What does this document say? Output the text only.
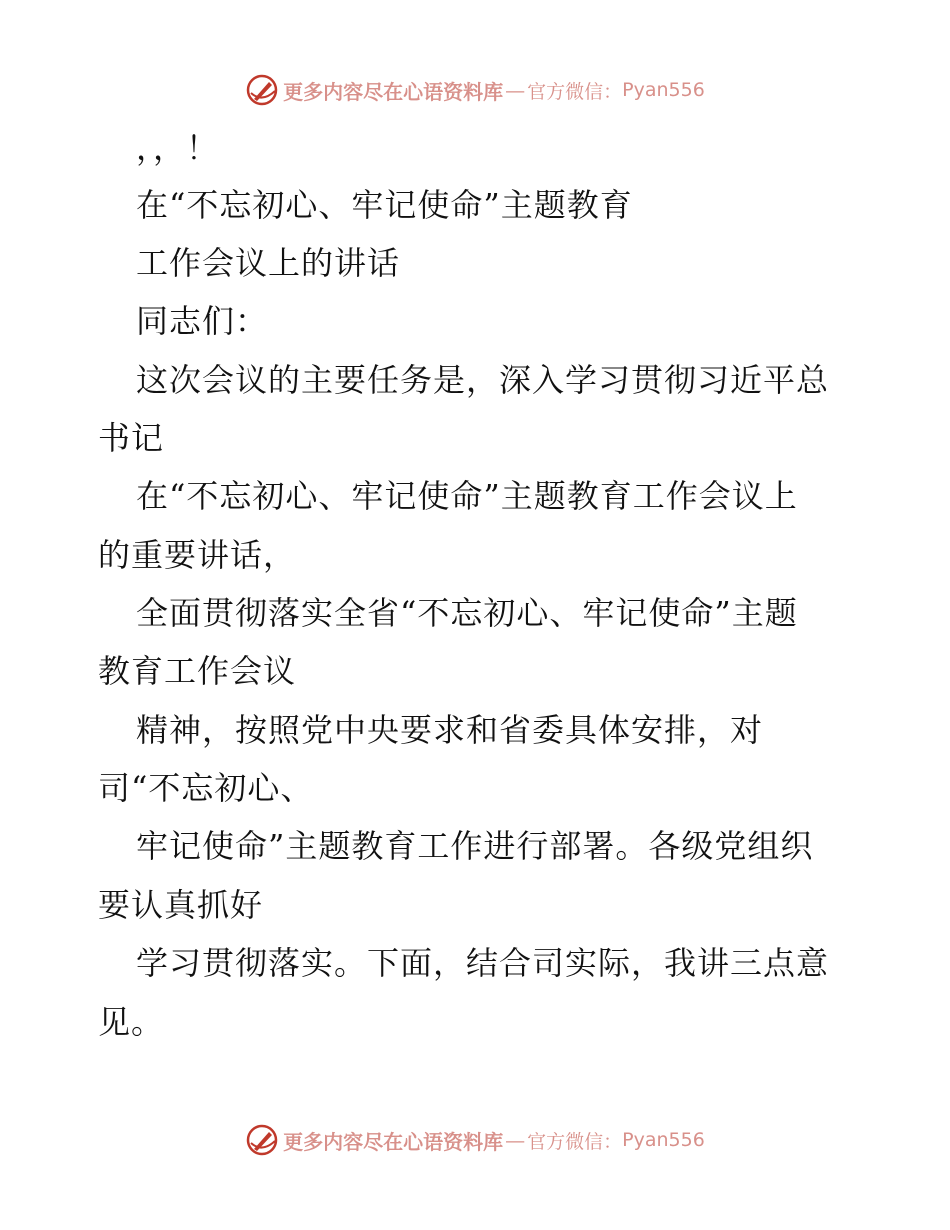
更多内容尽在心语资料库 — 官方微信： Pyan556
，，！
在“不忘初心、牢记使命”主题教育
工作会议上的讲话
同志们：
这次会议的主要任务是，深入学习贯彻习近平总
书记
在“不忘初心、牢记使命”主题教育工作会议上
的重要讲话，
全面贯彻落实全省“不忘初心、牢记使命”主题
教育工作会议
精神，按照党中央要求和省委具体安排，对
司“不忘初心、
牢记使命”主题教育工作进行部署。各级党组织
要认真抓好
学习贯彻落实。下面，结合司实际，我讲三点意
见。
更多内容尽在心语资料库 — 官方微信： Pyan556
